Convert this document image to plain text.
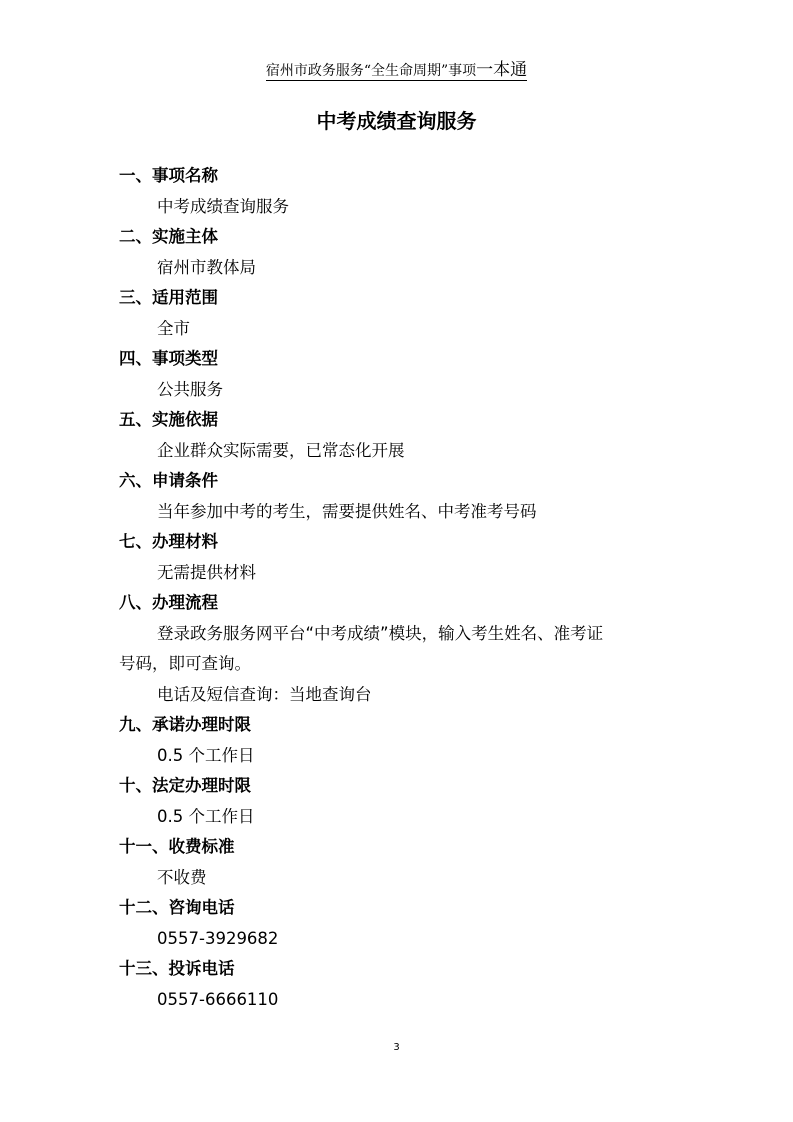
宿州市政务服务“全生命周期”事项一本通
中考成绩查询服务
一、事项名称
中考成绩查询服务
二、实施主体
宿州市教体局
三、适用范围
全市
四、事项类型
公共服务
五、实施依据
企业群众实际需要，已常态化开展
六、申请条件
当年参加中考的考生，需要提供姓名、中考准考号码
七、办理材料
无需提供材料
八、办理流程
登录政务服务网平台“中考成绩”模块，输入考生姓名、准考证
号码，即可查询。
电话及短信查询：当地查询台
九、承诺办理时限
0.5 个工作日
十、法定办理时限
0.5 个工作日
十一、收费标准
不收费
十二、咨询电话
0557-3929682
十三、投诉电话
0557-6666110
3
